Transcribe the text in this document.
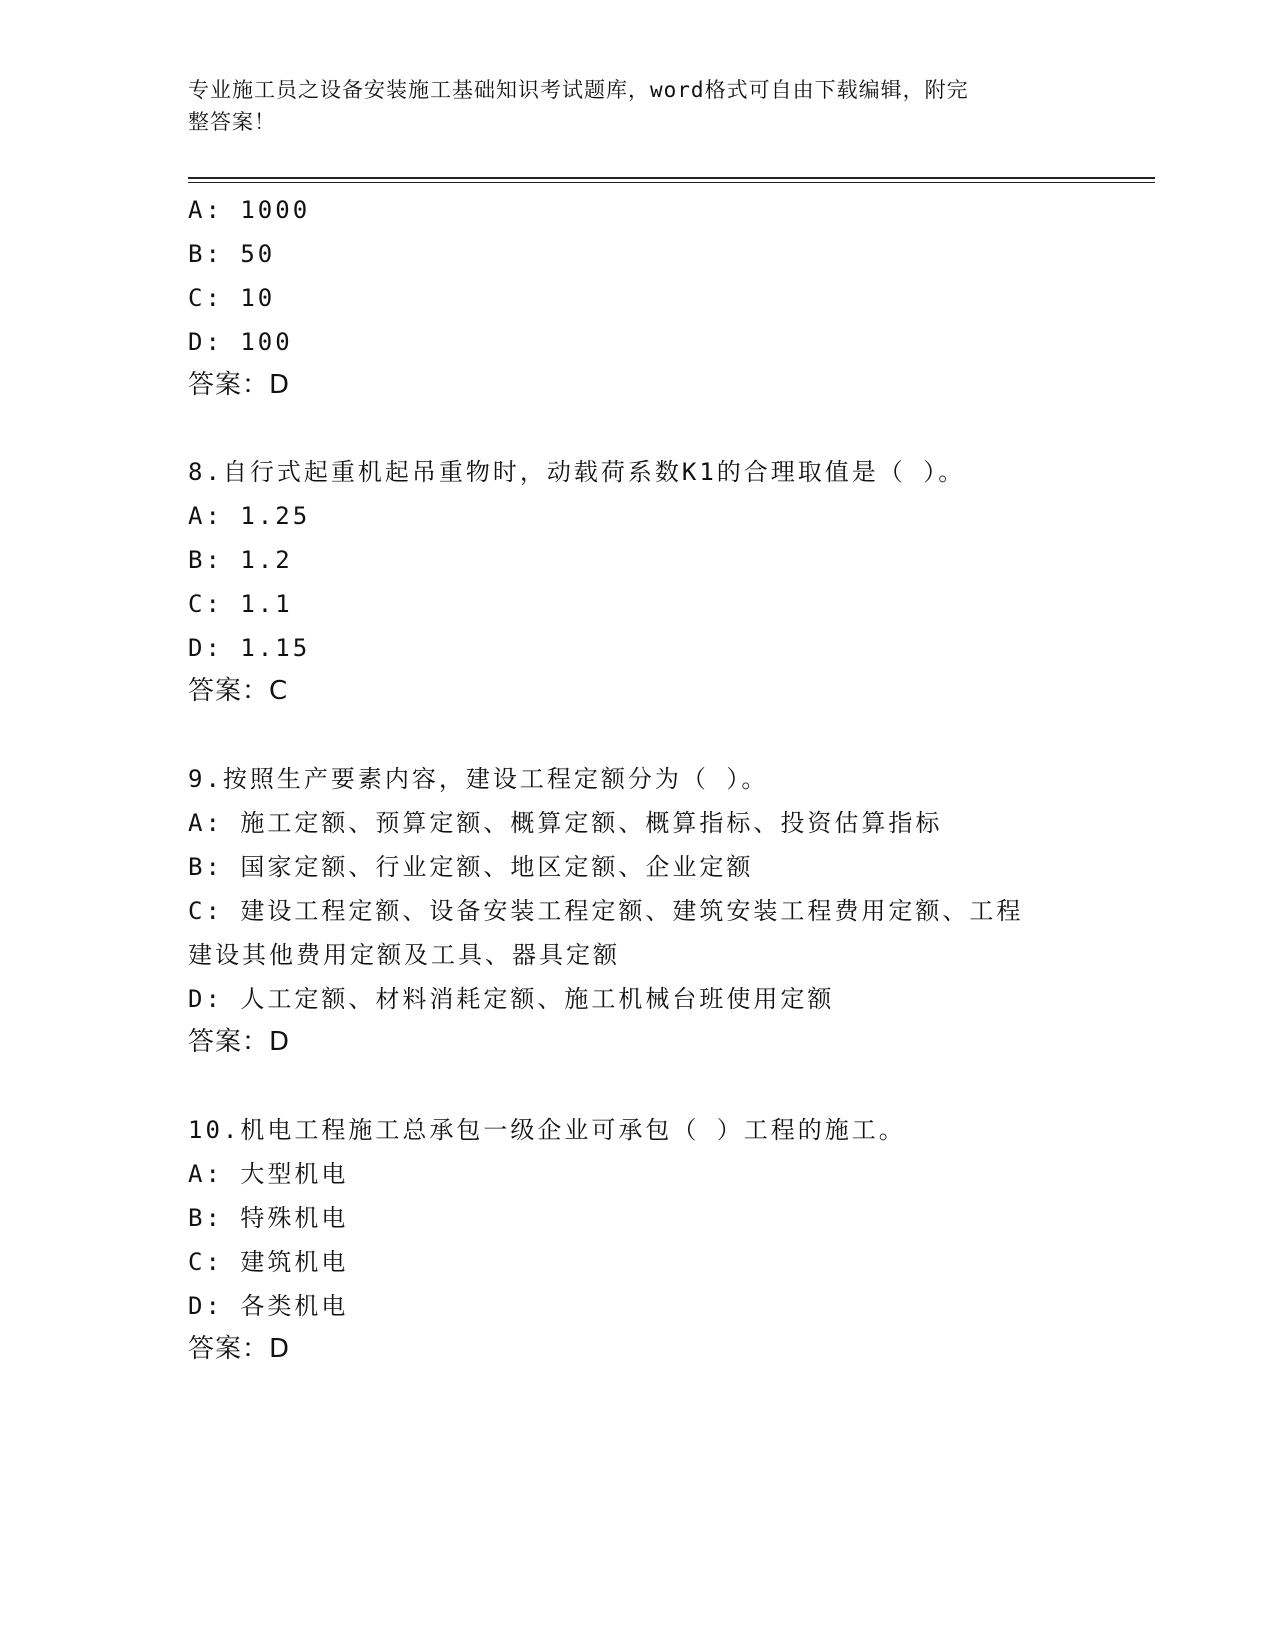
专业施工员之设备安装施工基础知识考试题库，word格式可自由下载编辑，附完
整答案！
A: 1000
B: 50
C: 10
D: 100
答案：D
8.自行式起重机起吊重物时，动载荷系数K1的合理取值是（ ）。
A: 1.25
B: 1.2
C: 1.1
D: 1.15
答案：C
9.按照生产要素内容，建设工程定额分为（ ）。
A: 施工定额、预算定额、概算定额、概算指标、投资估算指标
B: 国家定额、行业定额、地区定额、企业定额
C: 建设工程定额、设备安装工程定额、建筑安装工程费用定额、工程
建设其他费用定额及工具、器具定额
D: 人工定额、材料消耗定额、施工机械台班使用定额
答案：D
10.机电工程施工总承包一级企业可承包（ ）工程的施工。
A: 大型机电
B: 特殊机电
C: 建筑机电
D: 各类机电
答案：D
